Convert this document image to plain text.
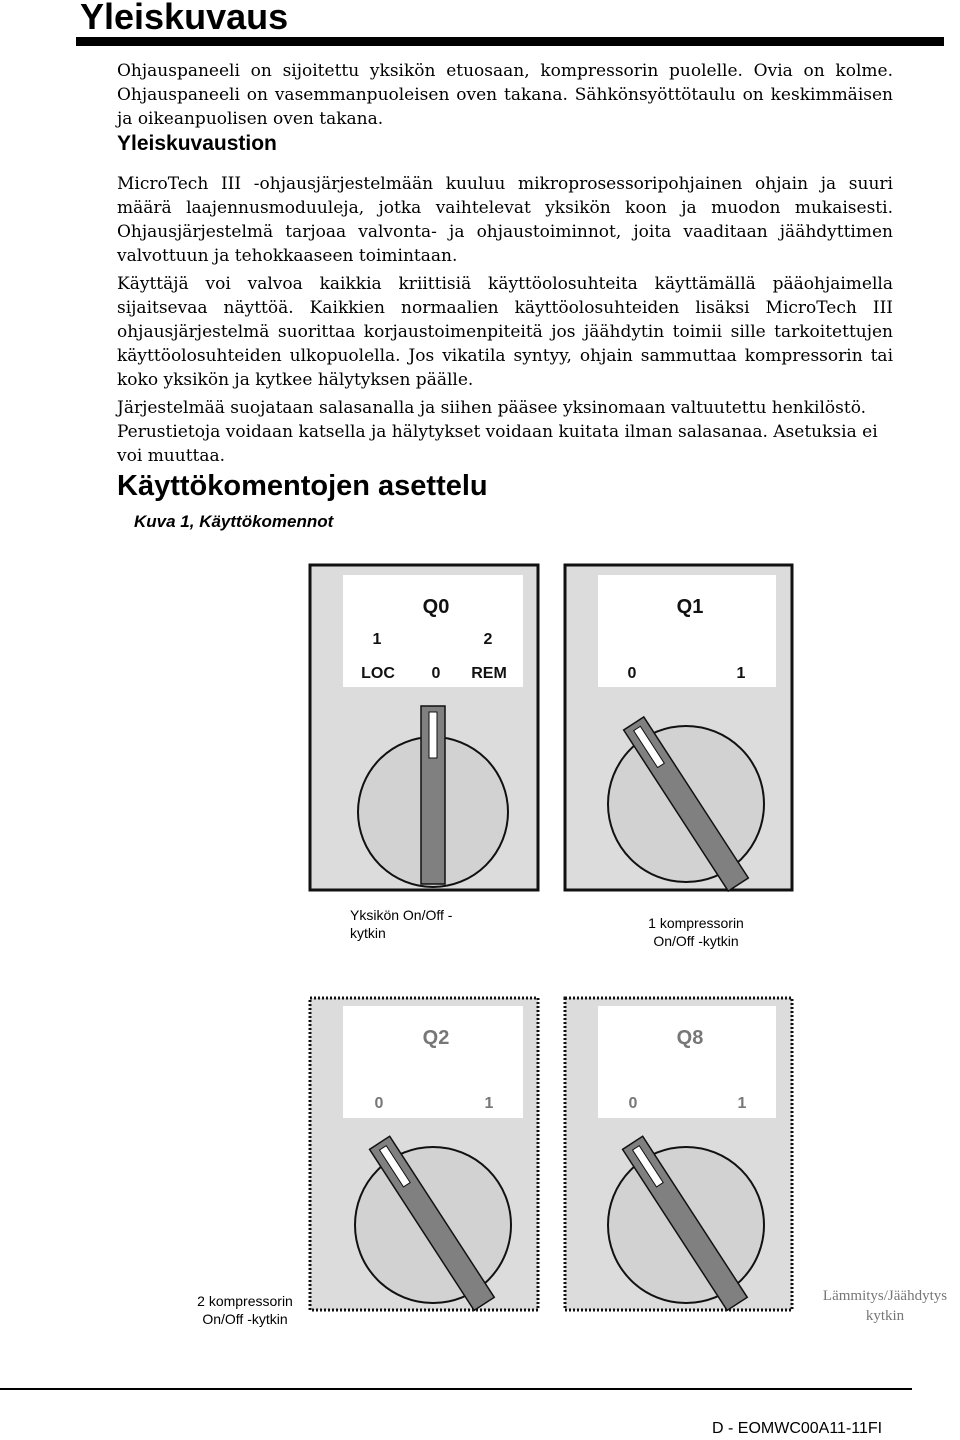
Yleiskuvaus

Ohjauspaneeli on sijoitettu yksikön etuosaan, kompressorin puolelle. Ovia on kolme. Ohjauspaneeli on vasemmanpuoleisen oven takana. Sähkönsyöttötaulu on keskimmäisen ja oikeanpuolisen oven takana.

Yleiskuvaustion

MicroTech III -ohjausjärjestelmään kuuluu mikroprosessoripohjainen ohjain ja suuri määrä laajennusmoduuleja, jotka vaihtelevat yksikön koon ja muodon mukaisesti. Ohjausjärjestelmä tarjoaa valvonta- ja ohjaustoiminnot, joita vaaditaan jäähdyttimen valvottuun ja tehokkaaseen toimintaan.

Käyttäjä voi valvoa kaikkia kriittisiä käyttöolosuhteita käyttämällä pääohjaimella sijaitsevaa näyttöä. Kaikkien normaalien käyttöolosuhteiden lisäksi MicroTech III ohjausjärjestelmä suorittaa korjaustoimenpiteitä jos jäähdytin toimii sille tarkoitettujen käyttöolosuhteiden ulkopuolella. Jos vikatila syntyy, ohjain sammuttaa kompressorin tai koko yksikön ja kytkee hälytyksen päälle.

Järjestelmää suojataan salasanalla ja siihen pääsee yksinomaan valtuutettu henkilöstö. Perustietoja voidaan katsella ja hälytykset voidaan kuitata ilman salasanaa. Asetuksia ei voi muuttaa.

Käyttökomentojen asettelu

Kuva 1, Käyttökomennot

Q0
1	2
LOC 0 REM
Q1
0	1
Yksikön On/Off -
kytkin
1 kompressorin
On/Off -kytkin
Q2
0	1
Q8
0	1
2 kompressorin
On/Off -kytkin
Lämmitys/Jäähdytys
kytkin

D - EOMWC00A11-11FI
